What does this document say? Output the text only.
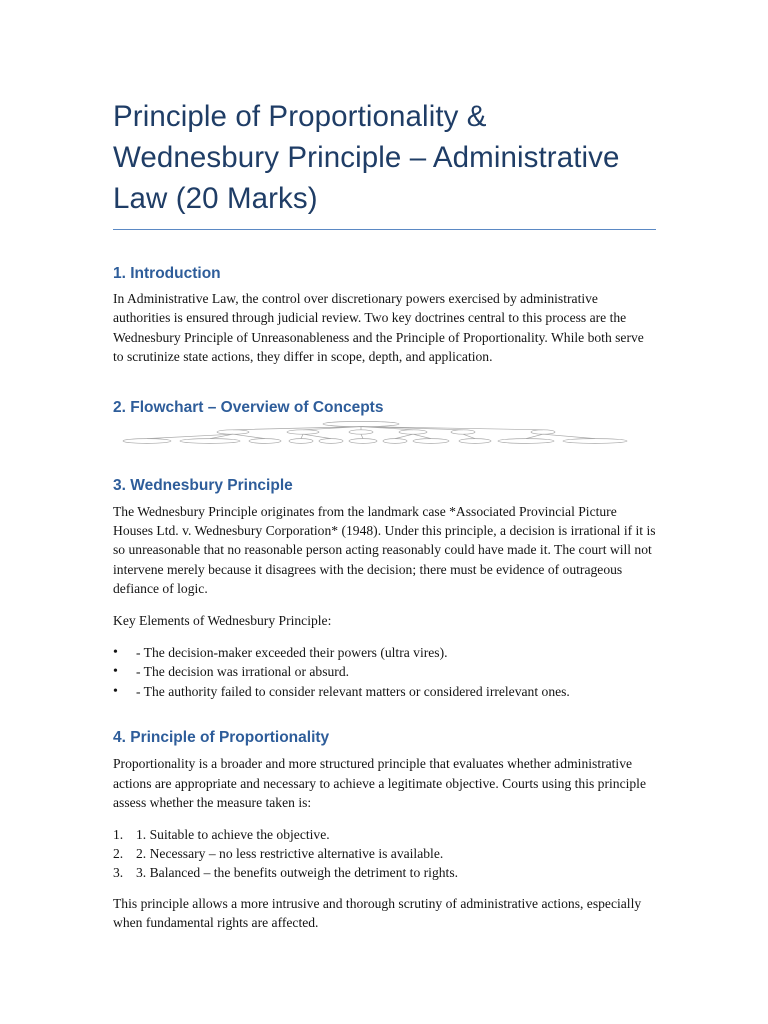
Principle of Proportionality & Wednesbury Principle – Administrative Law (20 Marks)
1. Introduction

In Administrative Law, the control over discretionary powers exercised by administrative authorities is ensured through judicial review. Two key doctrines central to this process are the Wednesbury Principle of Unreasonableness and the Principle of Proportionality. While both serve to scrutinize state actions, they differ in scope, depth, and application.

2. Flowchart – Overview of Concepts
3. Wednesbury Principle

The Wednesbury Principle originates from the landmark case *Associated Provincial Picture Houses Ltd. v. Wednesbury Corporation* (1948). Under this principle, a decision is irrational if it is so unreasonable that no reasonable person acting reasonably could have made it. The court will not intervene merely because it disagrees with the decision; there must be evidence of outrageous defiance of logic.

Key Elements of Wednesbury Principle:

• - The decision-maker exceeded their powers (ultra vires).
• - The decision was irrational or absurd.
• - The authority failed to consider relevant matters or considered irrelevant ones.
4. Principle of Proportionality

Proportionality is a broader and more structured principle that evaluates whether administrative actions are appropriate and necessary to achieve a legitimate objective. Courts using this principle assess whether the measure taken is:

1. 1. Suitable to achieve the objective.
2. 2. Necessary – no less restrictive alternative is available.
3. 3. Balanced – the benefits outweigh the detriment to rights.

This principle allows a more intrusive and thorough scrutiny of administrative actions, especially when fundamental rights are affected.
